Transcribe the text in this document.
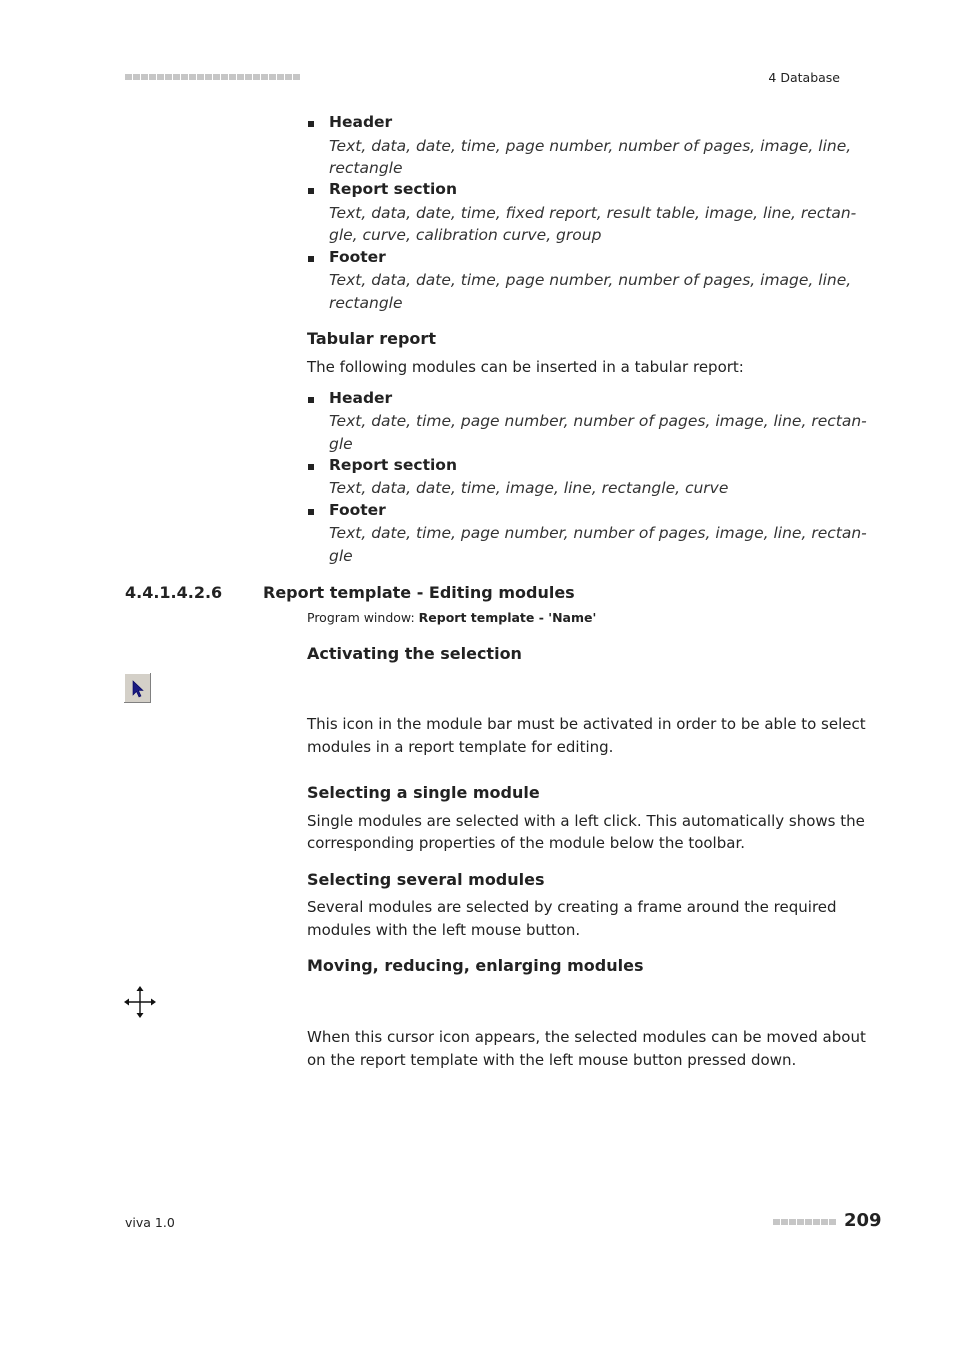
4 Database
Header
Text, data, date, time, page number, number of pages, image, line,
rectangle
Report section
Text, data, date, time, fixed report, result table, image, line, rectan-
gle, curve, calibration curve, group
Footer
Text, data, date, time, page number, number of pages, image, line,
rectangle
Tabular report
The following modules can be inserted in a tabular report:
Header
Text, date, time, page number, number of pages, image, line, rectan-
gle
Report section
Text, data, date, time, image, line, rectangle, curve
Footer
Text, date, time, page number, number of pages, image, line, rectan-
gle
4.4.1.4.2.6	Report template - Editing modules
Program window: Report template - 'Name'
Activating the selection
This icon in the module bar must be activated in order to be able to select
modules in a report template for editing.
Selecting a single module
Single modules are selected with a left click. This automatically shows the
corresponding properties of the module below the toolbar.
Selecting several modules
Several modules are selected by creating a frame around the required
modules with the left mouse button.
Moving, reducing, enlarging modules
When this cursor icon appears, the selected modules can be moved about
on the report template with the left mouse button pressed down.
viva 1.0	209
